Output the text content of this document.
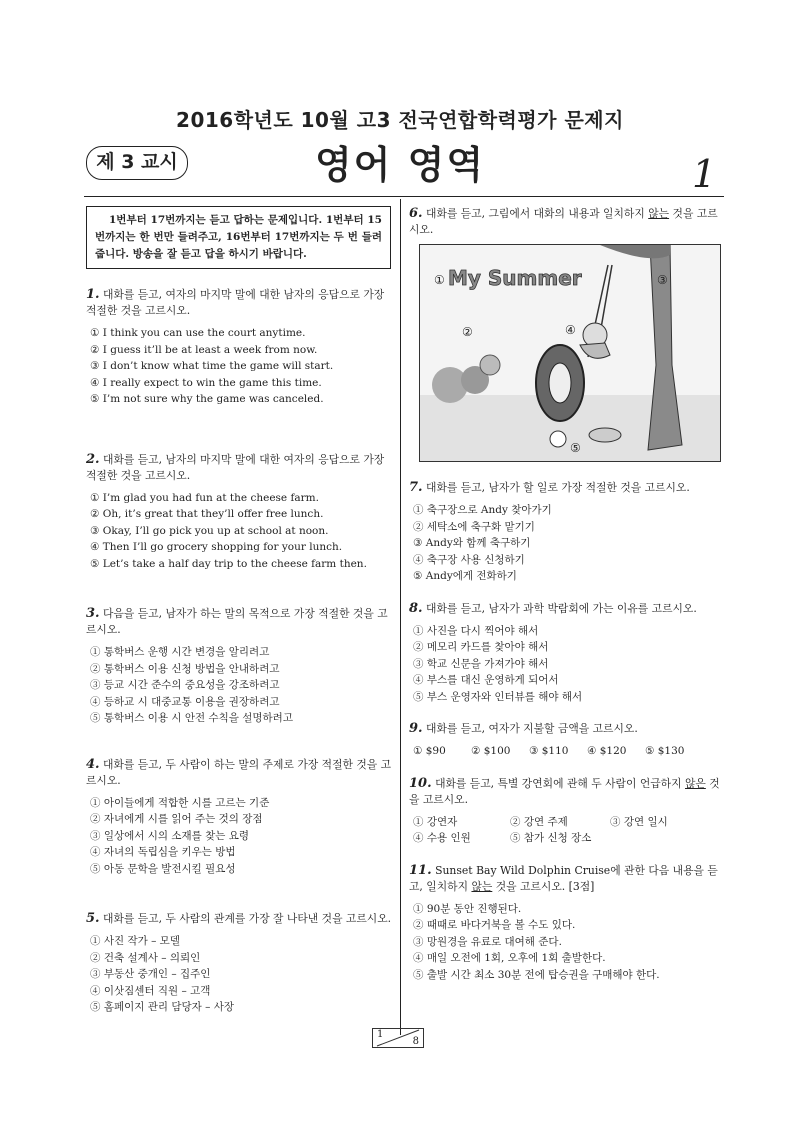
2016학년도 10월 고3 전국연합학력평가 문제지
제 3 교시	영어 영역	1
1번부터 17번까지는 듣고 답하는 문제입니다. 1번부터 15번까지는 한 번만 들려주고, 16번부터 17번까지는 두 번 들려줍니다. 방송을 잘 듣고 답을 하시기 바랍니다.
1. 대화를 듣고, 여자의 마지막 말에 대한 남자의 응답으로 가장 적절한 것을 고르시오.
① I think you can use the court anytime.
② I guess it’ll be at least a week from now.
③ I don’t know what time the game will start.
④ I really expect to win the game this time.
⑤ I’m not sure why the game was canceled.
2. 대화를 듣고, 남자의 마지막 말에 대한 여자의 응답으로 가장 적절한 것을 고르시오.
① I’m glad you had fun at the cheese farm.
② Oh, it’s great that they’ll offer free lunch.
③ Okay, I’ll go pick you up at school at noon.
④ Then I’ll go grocery shopping for your lunch.
⑤ Let’s take a half day trip to the cheese farm then.
3. 다음을 듣고, 남자가 하는 말의 목적으로 가장 적절한 것을 고르시오.
① 통학버스 운행 시간 변경을 알리려고
② 통학버스 이용 신청 방법을 안내하려고
③ 등교 시간 준수의 중요성을 강조하려고
④ 등하교 시 대중교통 이용을 권장하려고
⑤ 통학버스 이용 시 안전 수칙을 설명하려고
4. 대화를 듣고, 두 사람이 하는 말의 주제로 가장 적절한 것을 고르시오.
① 아이들에게 적합한 시를 고르는 기준
② 자녀에게 시를 읽어 주는 것의 장점
③ 일상에서 시의 소재를 찾는 요령
④ 자녀의 독립심을 키우는 방법
⑤ 아동 문학을 발전시킬 필요성
5. 대화를 듣고, 두 사람의 관계를 가장 잘 나타낸 것을 고르시오.
① 사진 작가 – 모델
② 건축 설계사 – 의뢰인
③ 부동산 중개인 – 집주인
④ 이삿짐센터 직원 – 고객
⑤ 홈페이지 관리 담당자 – 사장
6. 대화를 듣고, 그림에서 대화의 내용과 일치하지 않는 것을 고르시오.
My Summer
①
②
③
④
⑤
7. 대화를 듣고, 남자가 할 일로 가장 적절한 것을 고르시오.
① 축구장으로 Andy 찾아가기
② 세탁소에 축구화 맡기기
③ Andy와 함께 축구하기
④ 축구장 사용 신청하기
⑤ Andy에게 전화하기
8. 대화를 듣고, 남자가 과학 박람회에 가는 이유를 고르시오.
① 사진을 다시 찍어야 해서
② 메모리 카드를 찾아야 해서
③ 학교 신문을 가져가야 해서
④ 부스를 대신 운영하게 되어서
⑤ 부스 운영자와 인터뷰를 해야 해서
9. 대화를 듣고, 여자가 지불할 금액을 고르시오.
① $90 ② $100 ③ $110 ④ $120 ⑤ $130
10. 대화를 듣고, 특별 강연회에 관해 두 사람이 언급하지 않은 것을 고르시오.
① 강연자	② 강연 주제	③ 강연 일시
④ 수용 인원	⑤ 참가 신청 장소
11. Sunset Bay Wild Dolphin Cruise에 관한 다음 내용을 듣고, 일치하지 않는 것을 고르시오. [3점]
① 90분 동안 진행된다.
② 때때로 바다거북을 볼 수도 있다.
③ 망원경을 유료로 대여해 준다.
④ 매일 오전에 1회, 오후에 1회 출발한다.
⑤ 출발 시간 최소 30분 전에 탑승권을 구매해야 한다.
1
8
